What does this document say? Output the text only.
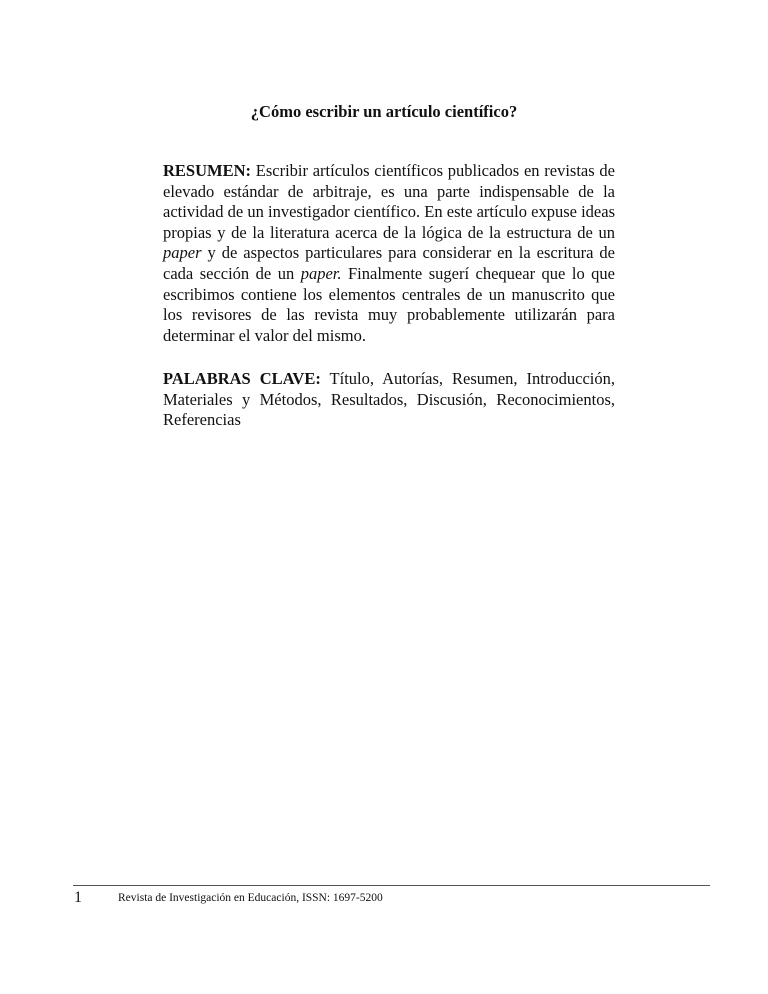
¿Cómo escribir un artículo científico?
RESUMEN: Escribir artículos científicos publicados en revistas de elevado estándar de arbitraje, es una parte indispensable de la actividad de un investigador científico. En este artículo expuse ideas propias y de la literatura acerca de la lógica de la estructura de un paper y de aspectos particulares para considerar en la escritura de cada sección de un paper. Finalmente sugerí chequear que lo que escribimos contiene los elementos centrales de un manuscrito que los revisores de las revista muy probablemente utilizarán para determinar el valor del mismo.
PALABRAS CLAVE: Título, Autorías, Resumen, Introducción, Materiales y Métodos, Resultados, Discusión, Reconocimientos, Referencias
1	Revista de Investigación en Educación, ISSN: 1697-5200
